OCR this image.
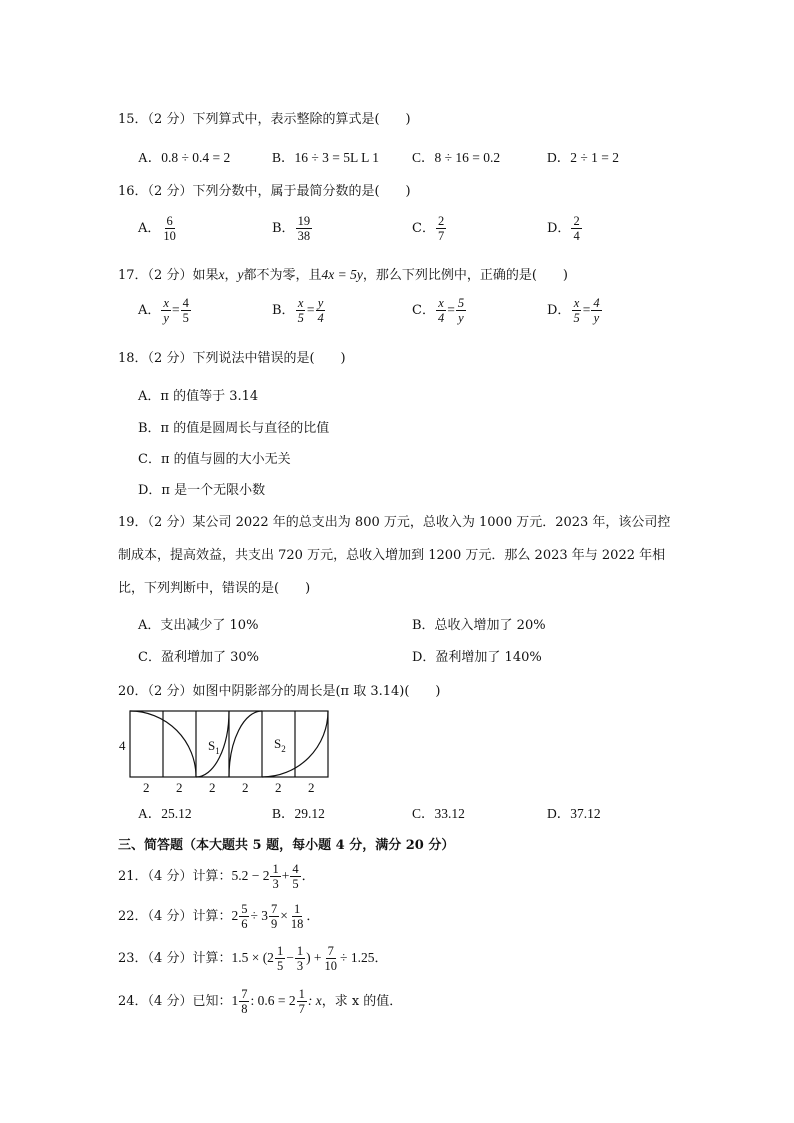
15．（2 分）下列算式中，表示整除的算式是(　　)
A．0.8 ÷ 0.4 = 2	B．16 ÷ 3 = 5L L 1 C．8 ÷ 16 = 0.2	D．2 ÷ 1 = 2
16．（2 分）下列分数中，属于最简分数的是(　　)
A． $\frac{6}{10}$	B． $\frac{19}{38}$	C． $\frac{2}{7}$	D． $\frac{2}{4}$
17．（2 分）如果x，y都不为零，且4x = 5y，那么下列比例中，正确的是(　　)
A． $\frac{x}{y} = \frac{4}{5}$	B． $\frac{x}{5} = \frac{y}{4}$	C． $\frac{x}{4} = \frac{5}{y}$	D． $\frac{x}{5} = \frac{4}{y}$
18．（2 分）下列说法中错误的是(　　)
A．π 的值等于 3.14
B．π 的值是圆周长与直径的比值
C．π 的值与圆的大小无关
D．π 是一个无限小数
19．（2 分）某公司 2022 年的总支出为 800 万元，总收入为 1000 万元．2023 年，该公司控
制成本，提高效益，共支出 720 万元，总收入增加到 1200 万元．那么 2023 年与 2022 年相
比，下列判断中，错误的是(　　)
A．支出减少了 10%	B．总收入增加了 20%
C．盈利增加了 30%	D．盈利增加了 140%
20．（2 分）如图中阴影部分的周长是(π 取 3.14)(　　)
4	$S_1$	$S_2$
2 2 2 2 2 2
A．25.12	B．29.12	C．33.12	D．37.12
三、简答题（本大题共 5 题，每小题 4 分，满分 20 分）
21．（4 分）计算：$5.2 - 2 \frac{1}{3} + \frac{4}{5}$ ．
22．（4 分）计算：$2 \frac{5}{6} \div 3 \frac{7}{9} \times \frac{1}{18}$ ．
23．（4 分）计算：$1.5 \times (2 \frac{1}{5} - \frac{1}{3}$ ) + $\frac{7}{10} \div 1.25$．
24．（4 分）已知：$1 \frac{7}{8}$ : $0.6 = 2 \frac{1}{7}$ : x，求 x 的值．
